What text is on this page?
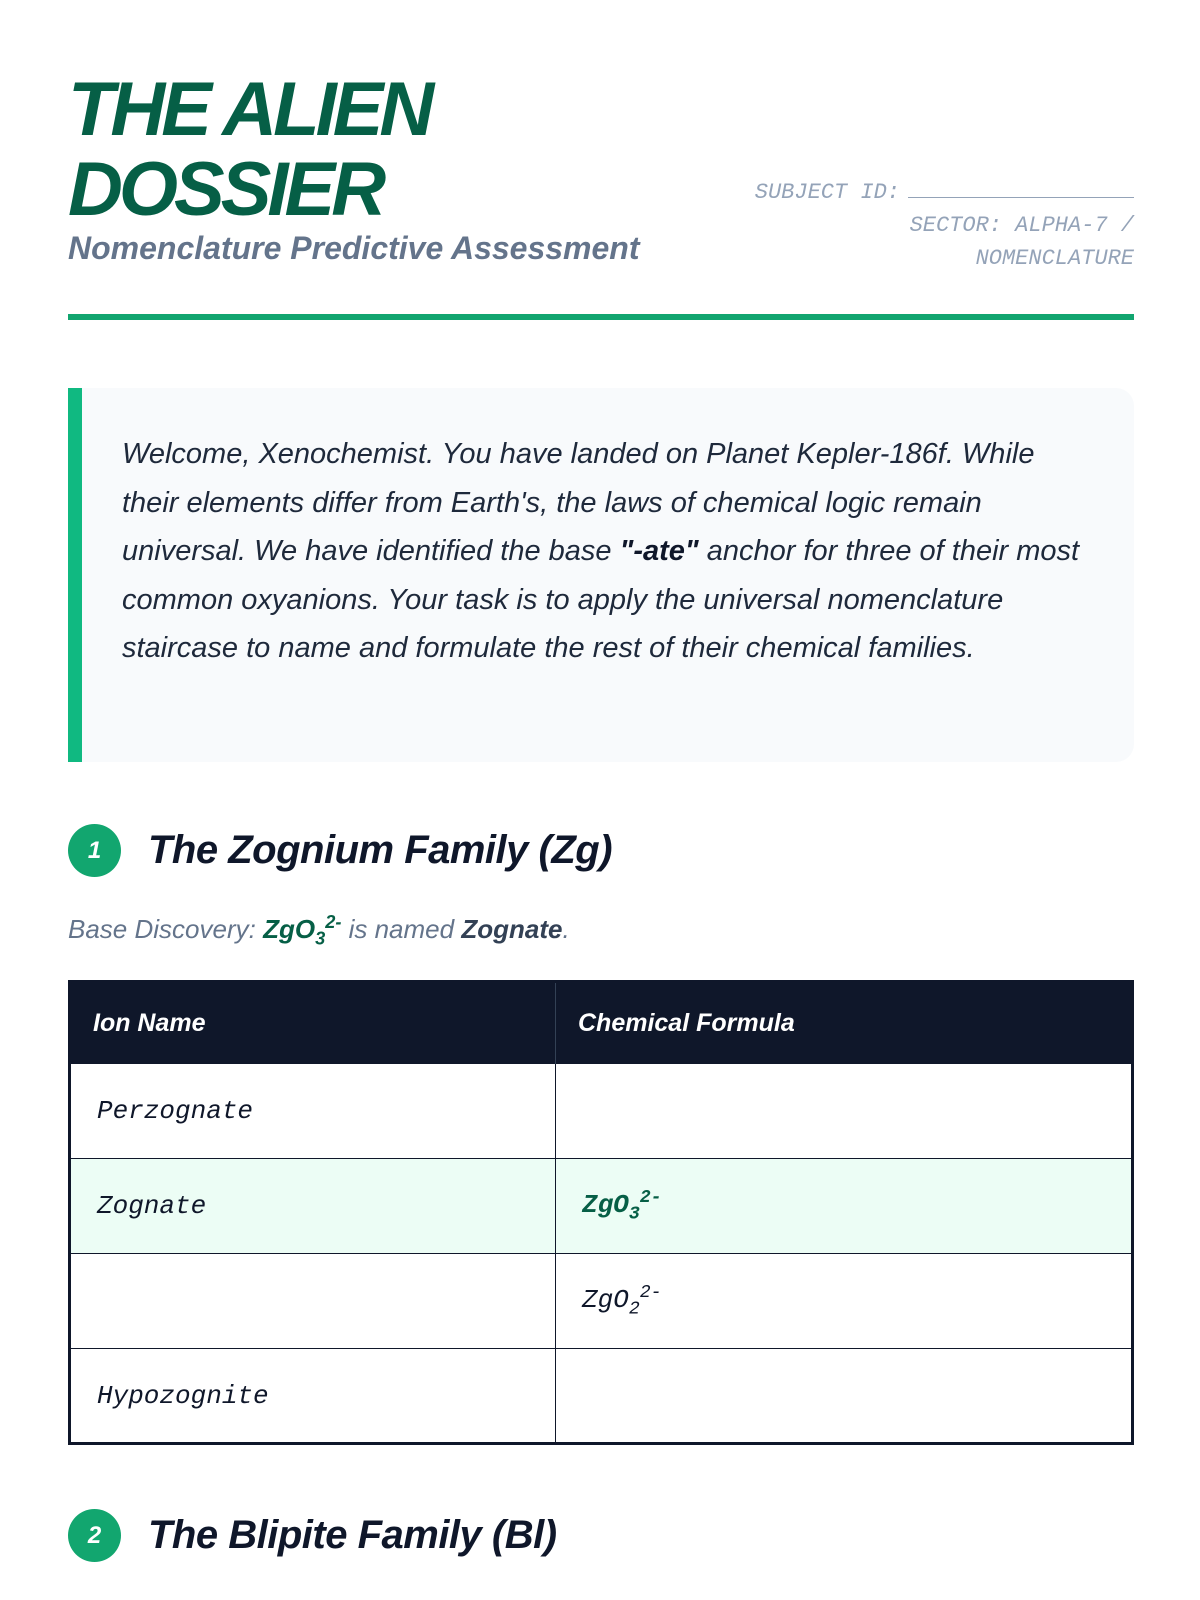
THE ALIEN
DOSSIER
Nomenclature Predictive Assessment
SUBJECT ID:
SECTOR: ALPHA-7 /
NOMENCLATURE

Welcome, Xenochemist. You have landed on Planet Kepler-186f. While their elements differ from Earth's, the laws of chemical logic remain universal. We have identified the base "-ate" anchor for three of their most common oxyanions. Your task is to apply the universal nomenclature staircase to name and formulate the rest of their chemical families.

1	The Zognium Family (Zg)
Base Discovery: ZgO$_3^{2-}$ is named Zognate.
Ion Name	Chemical Formula
Perzognate	
Zognate	ZgO$_3^{2-}$
	ZgO$_2^{2-}$
Hypozognite	
2	The Blipite Family (Bl)
